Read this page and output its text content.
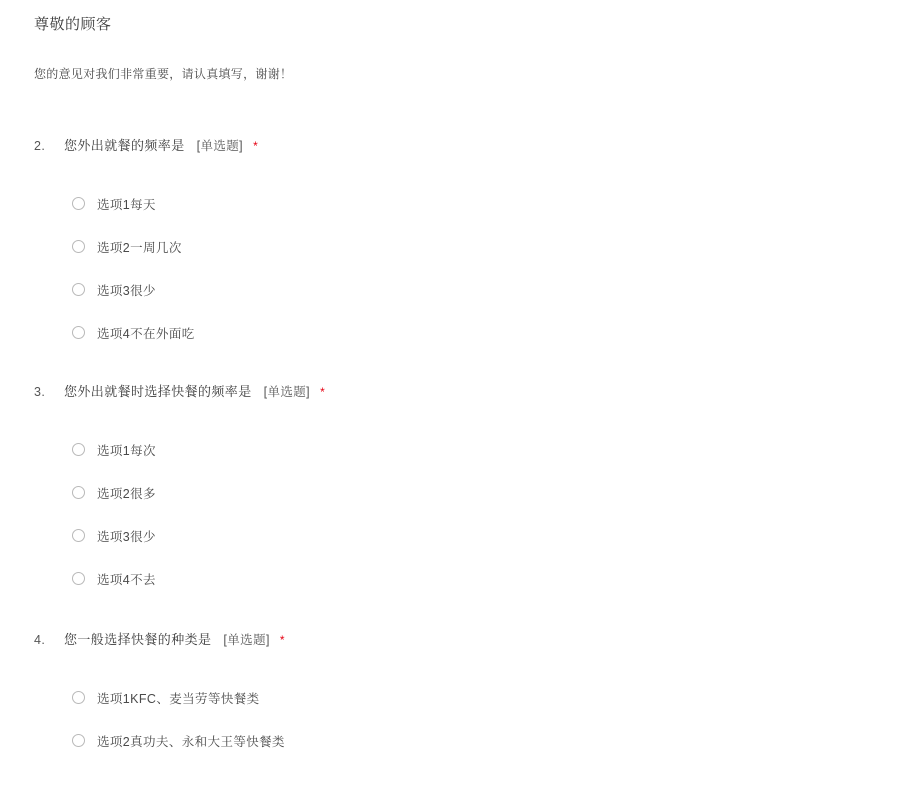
尊敬的顾客

您的意见对我们非常重要，请认真填写，谢谢！

2.	您外出就餐的频率是 [单选题] *
选项1每天
选项2一周几次
选项3很少
选项4不在外面吃
3.	您外出就餐时选择快餐的频率是 [单选题] *
选项1每次
选项2很多
选项3很少
选项4不去
4.	您一般选择快餐的种类是 [单选题] *
选项1KFC、麦当劳等快餐类
选项2真功夫、永和大王等快餐类
